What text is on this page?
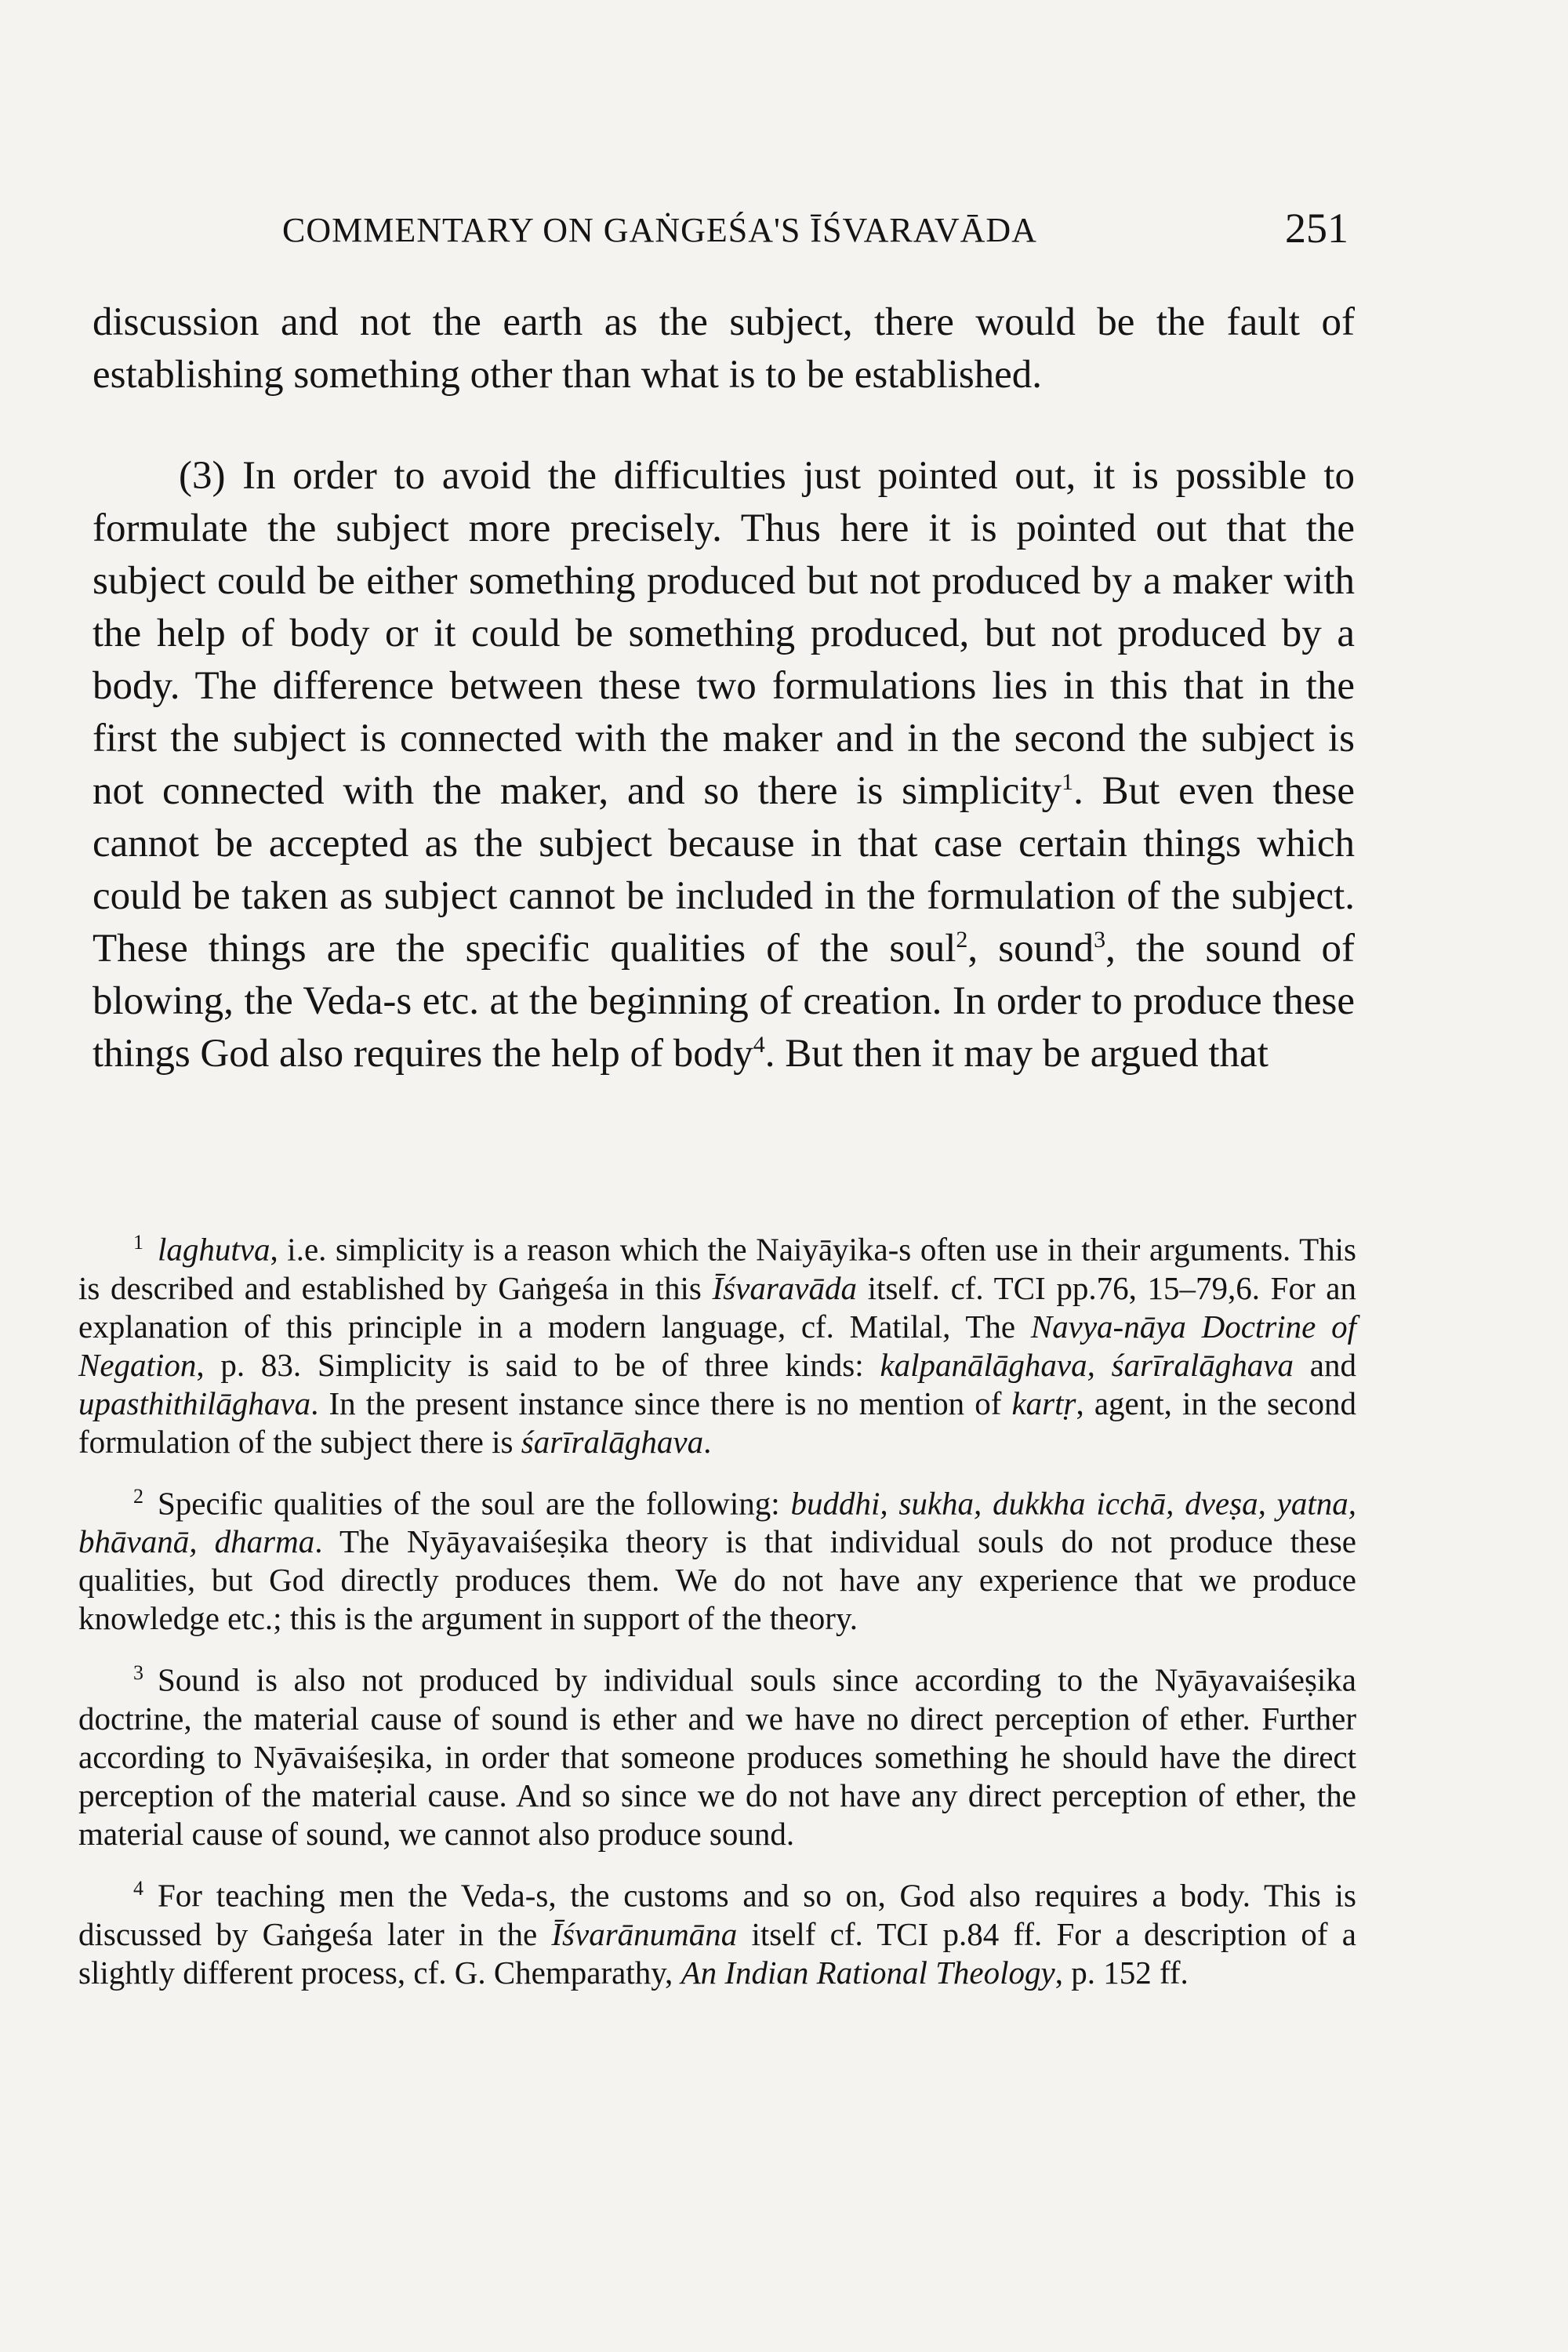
COMMENTARY ON GAṄGEŚA'S ĪŚVARAVĀDA	251

discussion and not the earth as the subject, there would be the fault of establishing something other than what is to be established.

(3) In order to avoid the difficulties just pointed out, it is possible to formulate the subject more precisely. Thus here it is pointed out that the subject could be either something produced but not produced by a maker with the help of body or it could be something produced, but not produced by a body. The difference between these two formulations lies in this that in the first the subject is connected with the maker and in the second the subject is not connected with the maker, and so there is simplicity$^1$. But even these cannot be accepted as the subject because in that case certain things which could be taken as subject cannot be included in the formulation of the subject. These things are the specific qualities of the soul$^2$, sound$^3$, the sound of blowing, the Veda-s etc. at the beginning of creation. In order to produce these things God also requires the help of body$^4$. But then it may be argued that

$^1$ laghutva, i.e. simplicity is a reason which the Naiyāyika-s often use in their arguments. This is described and established by Gaṅgeśa in this Īśvaravāda itself. cf. TCI pp.76, 15–79,6. For an explanation of this principle in a modern language, cf. Matilal, The Navya-nāya Doctrine of Negation, p. 83. Simplicity is said to be of three kinds: kalpanālāghava, śarīralāghava and upasthithilāghava. In the present instance since there is no mention of kartṛ, agent, in the second formulation of the subject there is śarīralāghava.

$^2$ Specific qualities of the soul are the following: buddhi, sukha, dukkha icchā, dveṣa, yatna, bhāvanā, dharma. The Nyāyavaiśeṣika theory is that individual souls do not produce these qualities, but God directly produces them. We do not have any experience that we produce knowledge etc.; this is the argument in support of the theory.

$^3$ Sound is also not produced by individual souls since according to the Nyāyavaiśeṣika doctrine, the material cause of sound is ether and we have no direct perception of ether. Further according to Nyāvaiśeṣika, in order that someone produces something he should have the direct perception of the material cause. And so since we do not have any direct perception of ether, the material cause of sound, we cannot also produce sound.

$^4$ For teaching men the Veda-s, the customs and so on, God also requires a body. This is discussed by Gaṅgeśa later in the Īśvarānumāna itself cf. TCI p.84 ff. For a description of a slightly different process, cf. G. Chemparathy, An Indian Rational Theology, p. 152 ff.
